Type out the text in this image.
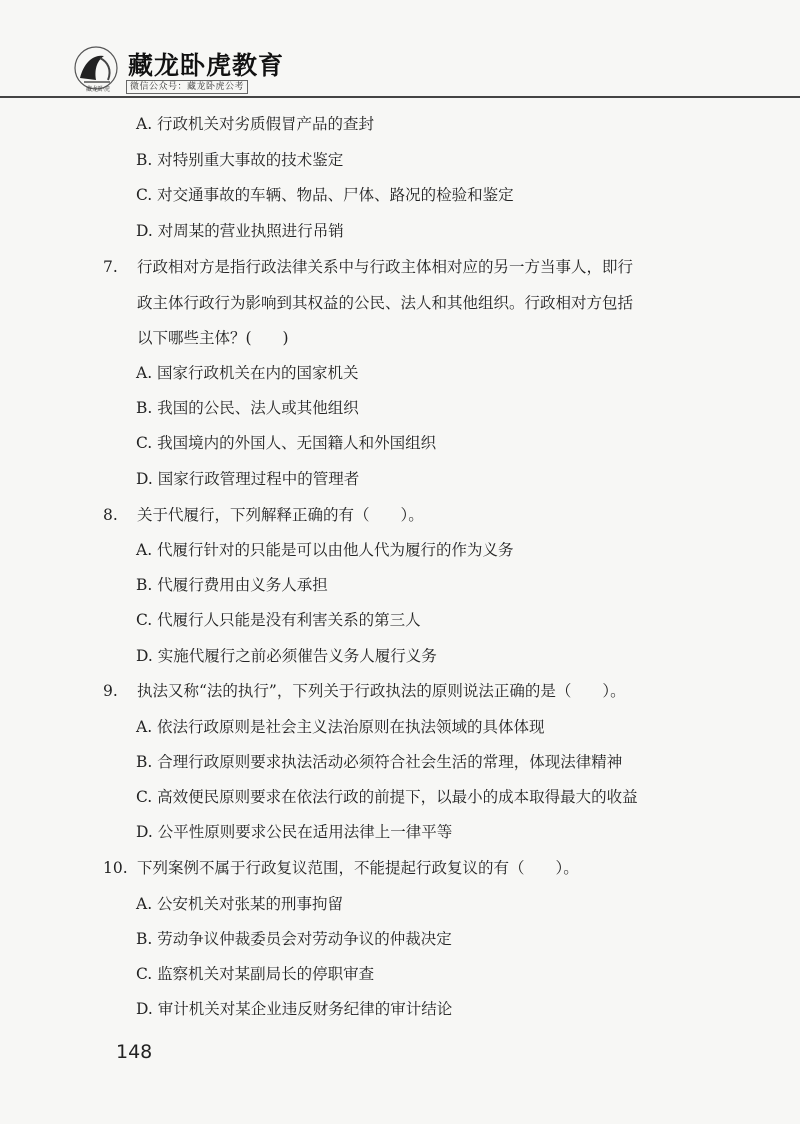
藏龙卧虎
藏龙卧虎教育
微信公众号：藏龙卧虎公考
A. 行政机关对劣质假冒产品的查封
B. 对特别重大事故的技术鉴定
C. 对交通事故的车辆、物品、尸体、路况的检验和鉴定
D. 对周某的营业执照进行吊销
7. 行政相对方是指行政法律关系中与行政主体相对应的另一方当事人，即行
政主体行政行为影响到其权益的公民、法人和其他组织。行政相对方包括
以下哪些主体？(　　)
A. 国家行政机关在内的国家机关
B. 我国的公民、法人或其他组织
C. 我国境内的外国人、无国籍人和外国组织
D. 国家行政管理过程中的管理者
8. 关于代履行，下列解释正确的有（　　）。
A. 代履行针对的只能是可以由他人代为履行的作为义务
B. 代履行费用由义务人承担
C. 代履行人只能是没有利害关系的第三人
D. 实施代履行之前必须催告义务人履行义务
9. 执法又称“法的执行”，下列关于行政执法的原则说法正确的是（　　）。
A. 依法行政原则是社会主义法治原则在执法领域的具体体现
B. 合理行政原则要求执法活动必须符合社会生活的常理，体现法律精神
C. 高效便民原则要求在依法行政的前提下，以最小的成本取得最大的收益
D. 公平性原则要求公民在适用法律上一律平等
10. 下列案例不属于行政复议范围，不能提起行政复议的有（　　）。
A. 公安机关对张某的刑事拘留
B. 劳动争议仲裁委员会对劳动争议的仲裁决定
C. 监察机关对某副局长的停职审查
D. 审计机关对某企业违反财务纪律的审计结论
148
